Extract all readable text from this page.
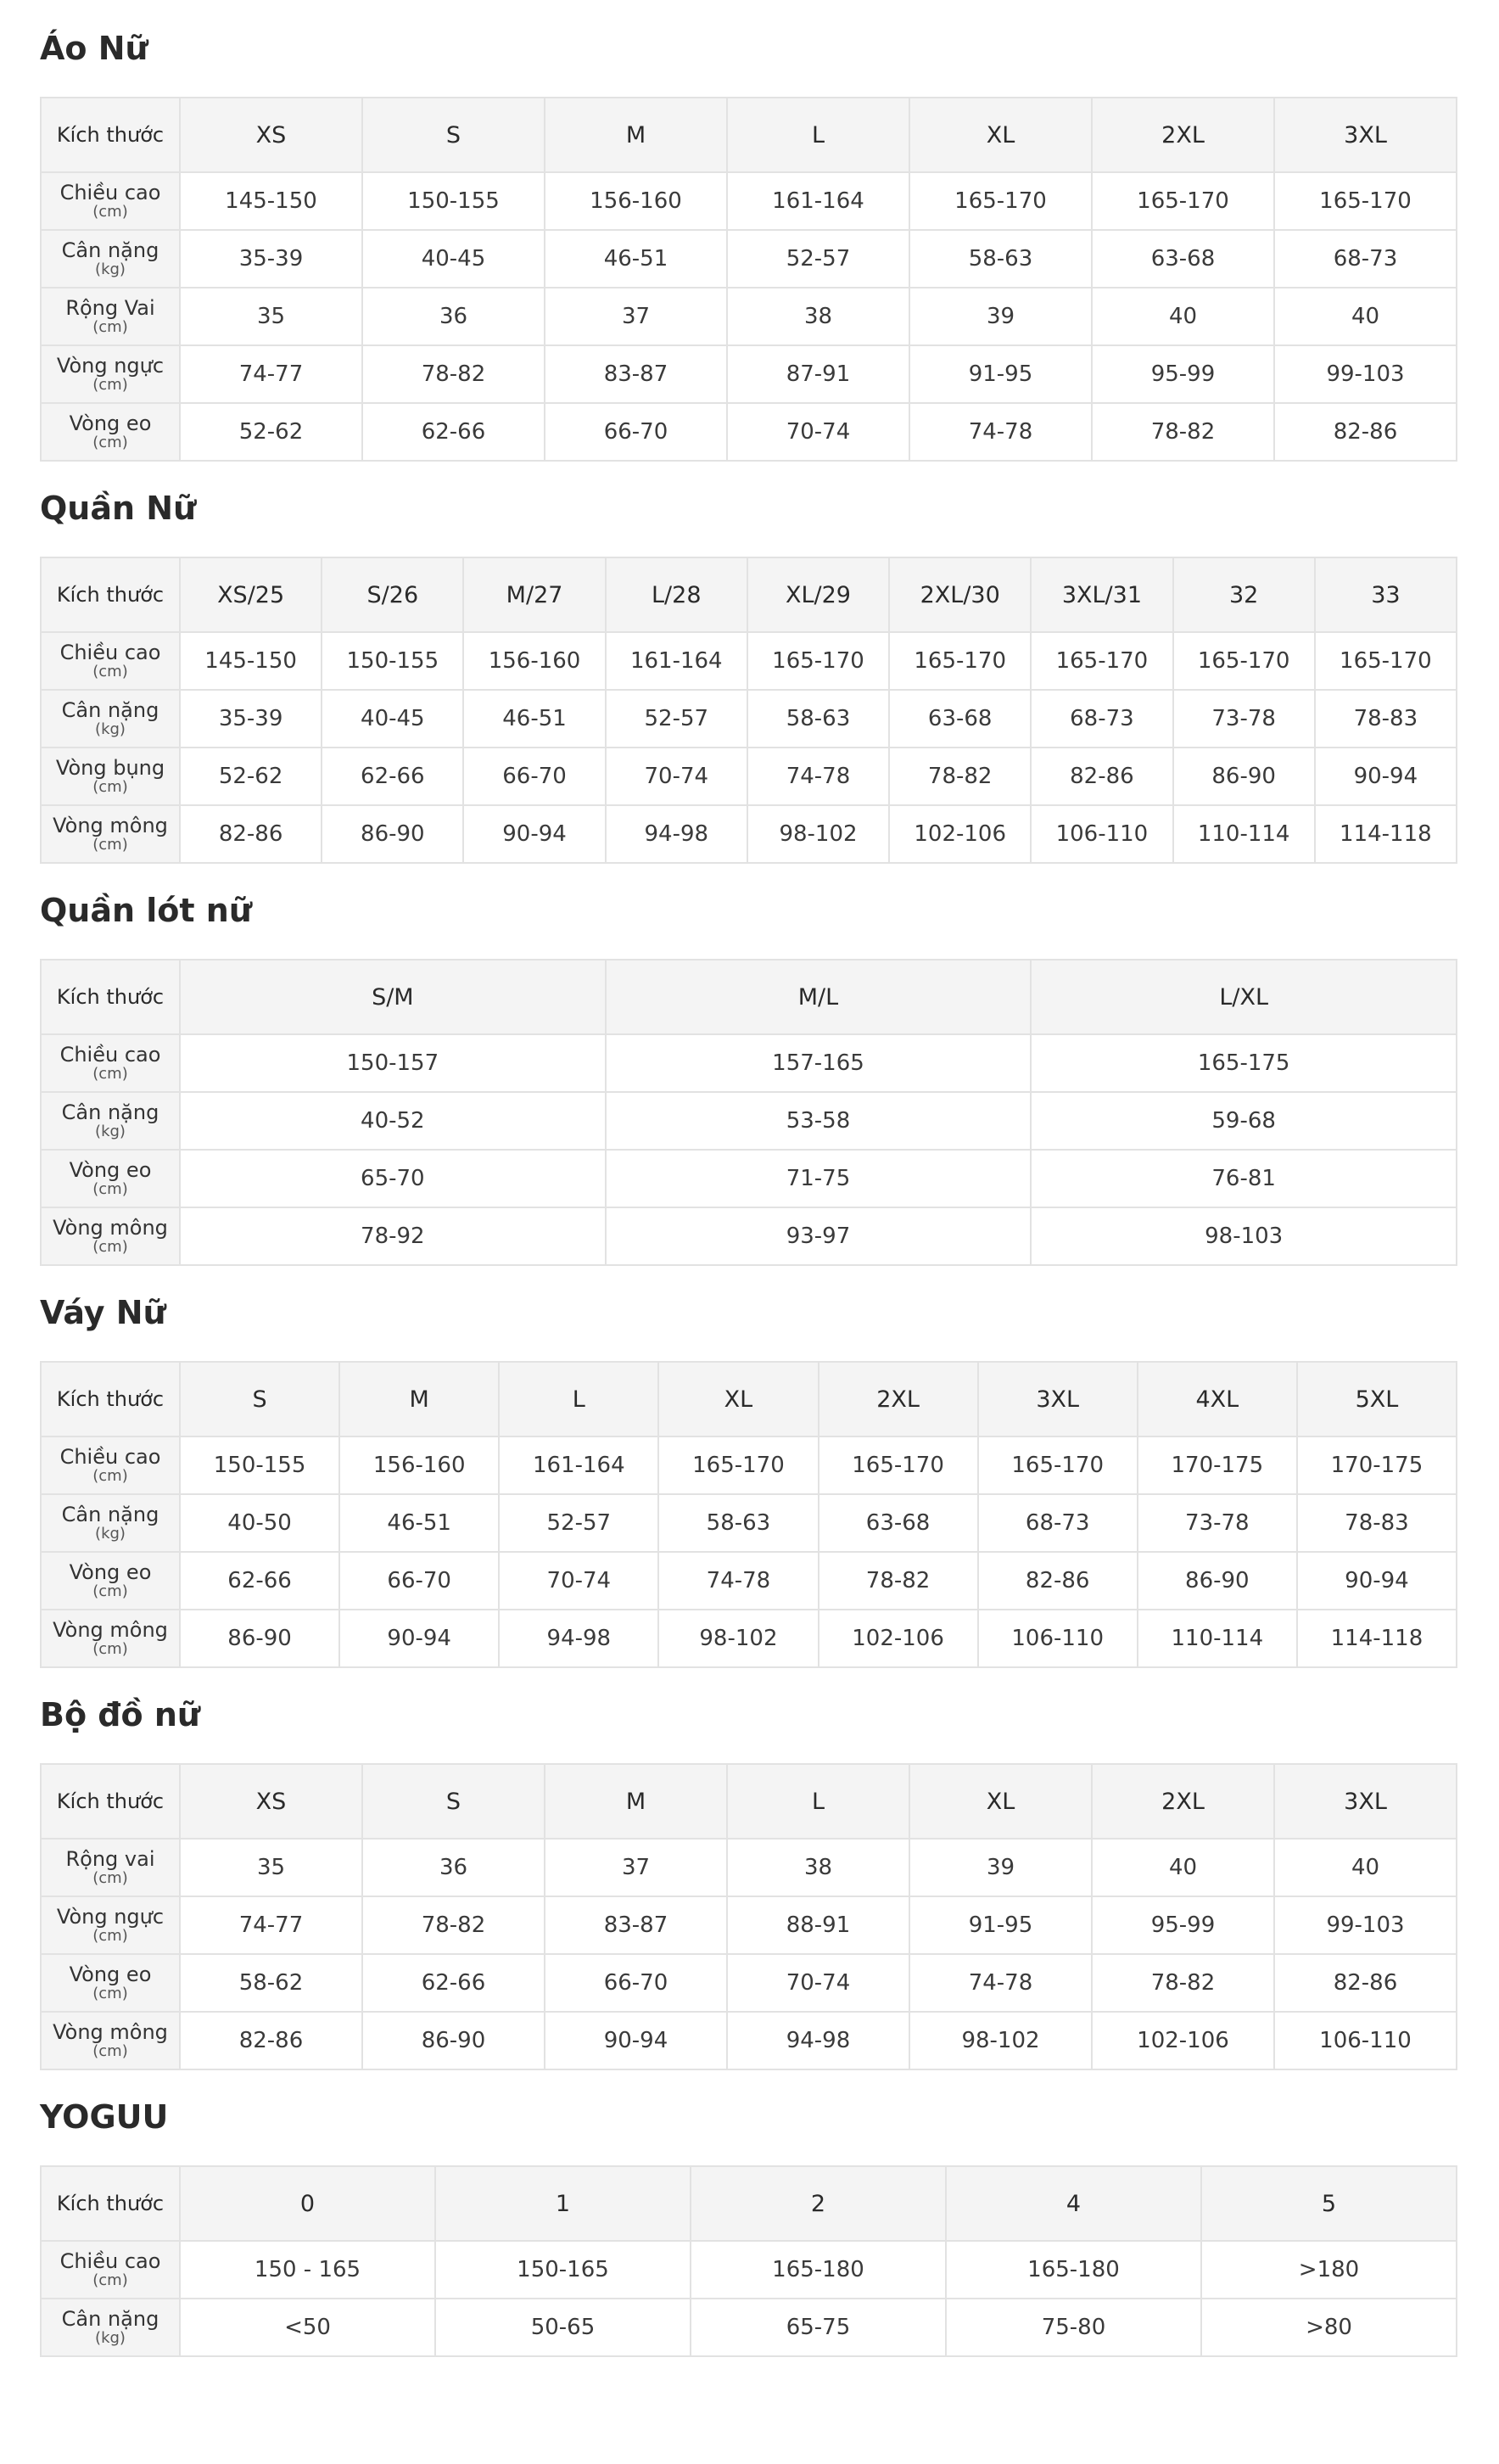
Áo Nữ
Kích thước	XS	S	M	L	XL	2XL	3XL

Chiều cao
(cm)	145-150	150-155	156-160	161-164	165-170	165-170	165-170

Cân nặng
(kg)	35-39	40-45	46-51	52-57	58-63	63-68	68-73

Rộng Vai
(cm)	35	36	37	38	39	40	40

Vòng ngực
(cm)	74-77	78-82	83-87	87-91	91-95	95-99	99-103

Vòng eo
(cm)	52-62	62-66	66-70	70-74	74-78	78-82	82-86
Quần Nữ
Kích thước	XS/25	S/26	M/27	L/28	XL/29	2XL/30	3XL/31	32	33

Chiều cao
(cm)	145-150	150-155	156-160	161-164	165-170	165-170	165-170	165-170	165-170

Cân nặng
(kg)	35-39	40-45	46-51	52-57	58-63	63-68	68-73	73-78	78-83

Vòng bụng
(cm)	52-62	62-66	66-70	70-74	74-78	78-82	82-86	86-90	90-94

Vòng mông
(cm)	82-86	86-90	90-94	94-98	98-102	102-106	106-110	110-114	114-118
Quần lót nữ
Kích thước	S/M	M/L	L/XL

Chiều cao
(cm)	150-157	157-165	165-175

Cân nặng
(kg)	40-52	53-58	59-68

Vòng eo
(cm)	65-70	71-75	76-81

Vòng mông
(cm)	78-92	93-97	98-103
Váy Nữ
Kích thước	S	M	L	XL	2XL	3XL	4XL	5XL

Chiều cao
(cm)	150-155	156-160	161-164	165-170	165-170	165-170	170-175	170-175

Cân nặng
(kg)	40-50	46-51	52-57	58-63	63-68	68-73	73-78	78-83

Vòng eo
(cm)	62-66	66-70	70-74	74-78	78-82	82-86	86-90	90-94

Vòng mông
(cm)	86-90	90-94	94-98	98-102	102-106	106-110	110-114	114-118
Bộ đồ nữ
Kích thước	XS	S	M	L	XL	2XL	3XL

Rộng vai
(cm)	35	36	37	38	39	40	40

Vòng ngực
(cm)	74-77	78-82	83-87	88-91	91-95	95-99	99-103

Vòng eo
(cm)	58-62	62-66	66-70	70-74	74-78	78-82	82-86

Vòng mông
(cm)	82-86	86-90	90-94	94-98	98-102	102-106	106-110
YOGUU
Kích thước	0	1	2	4	5

Chiều cao
(cm)	150 - 165	150-165	165-180	165-180	>180

Cân nặng
(kg)	<50	50-65	65-75	75-80	>80
